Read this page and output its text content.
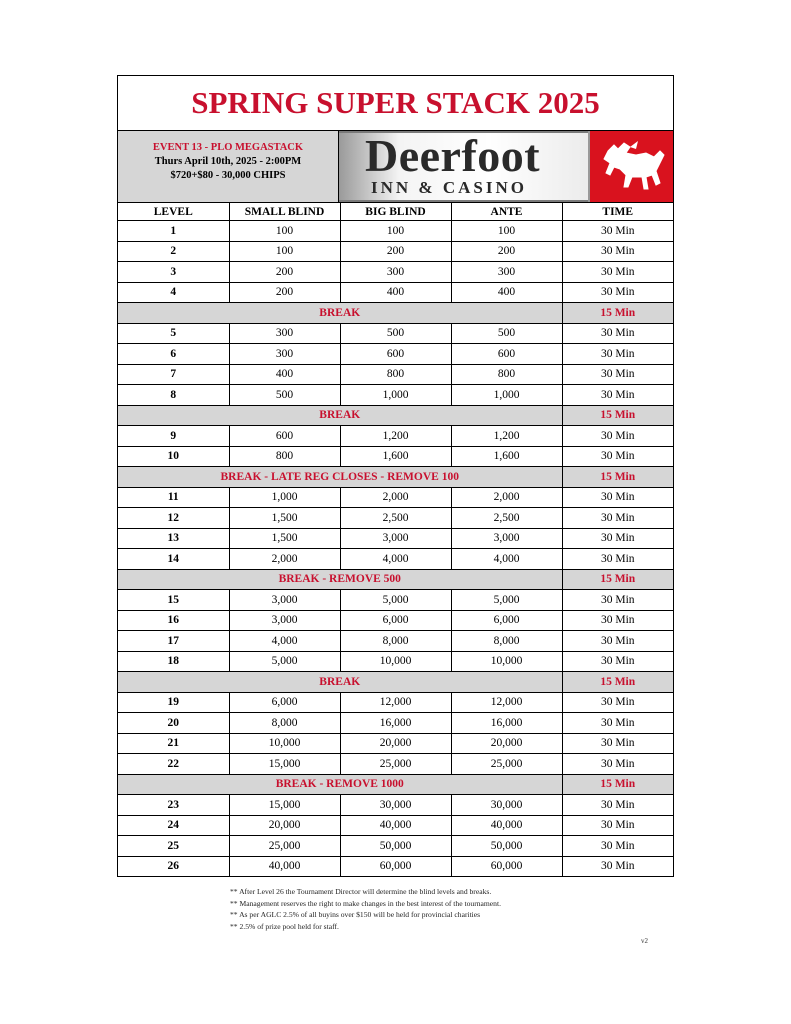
SPRING SUPER STACK 2025
EVENT 13 - PLO MEGASTACK
Thurs April 10th, 2025 - 2:00PM
$720+$80 - 30,000 CHIPS	Deerfoot
INN & CASINO
LEVEL	SMALL BLIND	BIG BLIND	ANTE	TIME
1	100	100	100	30 Min
2	100	200	200	30 Min
3	200	300	300	30 Min
4	200	400	400	30 Min
BREAK				15 Min
5	300	500	500	30 Min
6	300	600	600	30 Min
7	400	800	800	30 Min
8	500	1,000	1,000	30 Min
BREAK				15 Min
9	600	1,200	1,200	30 Min
10	800	1,600	1,600	30 Min
BREAK - LATE REG CLOSES - REMOVE 100				15 Min
11	1,000	2,000	2,000	30 Min
12	1,500	2,500	2,500	30 Min
13	1,500	3,000	3,000	30 Min
14	2,000	4,000	4,000	30 Min
BREAK - REMOVE 500				15 Min
15	3,000	5,000	5,000	30 Min
16	3,000	6,000	6,000	30 Min
17	4,000	8,000	8,000	30 Min
18	5,000	10,000	10,000	30 Min
BREAK				15 Min
19	6,000	12,000	12,000	30 Min
20	8,000	16,000	16,000	30 Min
21	10,000	20,000	20,000	30 Min
22	15,000	25,000	25,000	30 Min
BREAK - REMOVE 1000				15 Min
23	15,000	30,000	30,000	30 Min
24	20,000	40,000	40,000	30 Min
25	25,000	50,000	50,000	30 Min
26	40,000	60,000	60,000	30 Min
** After Level 26 the Tournament Director will determine the blind levels and breaks.
** Management reserves the right to make changes in the best interest of the tournament.
** As per AGLC 2.5% of all buyins over $150 will be held for provincial charities
** 2.5% of prize pool held for staff.
v2
